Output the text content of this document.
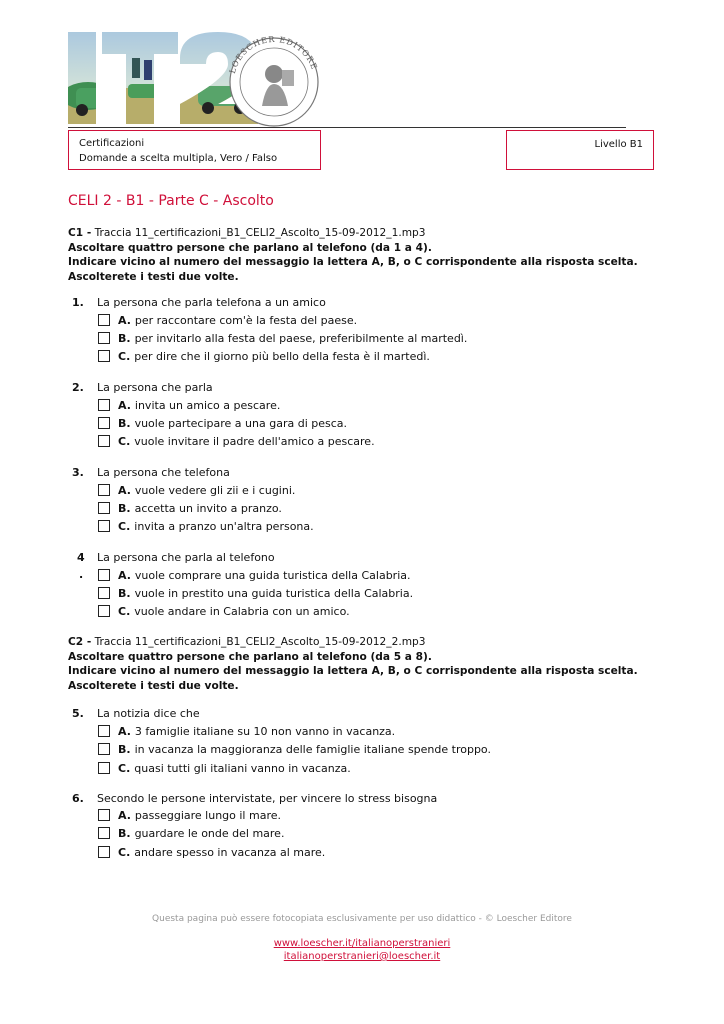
LOESCHER EDITORE
Certificazioni
Domande a scelta multipla, Vero / Falso
Livello B1
CELI 2 - B1 - Parte C - Ascolto
C1 - Traccia 11_certificazioni_B1_CELI2_Ascolto_15-09-2012_1.mp3
Ascoltare quattro persone che parlano al telefono (da 1 a 4).
Indicare vicino al numero del messaggio la lettera A, B, o C corrispondente alla risposta scelta.
Ascolterete i testi due volte.
1.	La persona che parla telefona a un amico
A. per raccontare com'è la festa del paese.
B. per invitarlo alla festa del paese, preferibilmente al martedì.
C. per dire che il giorno più bello della festa è il martedì.
2.	La persona che parla
A. invita un amico a pescare.
B. vuole partecipare a una gara di pesca.
C. vuole invitare il padre dell'amico a pescare.
3.	La persona che telefona
A. vuole vedere gli zii e i cugini.
B. accetta un invito a pranzo.
C. invita a pranzo un'altra persona.
4
.
La persona che parla al telefono
A. vuole comprare una guida turistica della Calabria.
B. vuole in prestito una guida turistica della Calabria.
C. vuole andare in Calabria con un amico.
C2 - Traccia 11_certificazioni_B1_CELI2_Ascolto_15-09-2012_2.mp3
Ascoltare quattro persone che parlano al telefono (da 5 a 8).
Indicare vicino al numero del messaggio la lettera A, B, o C corrispondente alla risposta scelta.
Ascolterete i testi due volte.
5.	La notizia dice che
A. 3 famiglie italiane su 10 non vanno in vacanza.
B. in vacanza la maggioranza delle famiglie italiane spende troppo.
C. quasi tutti gli italiani vanno in vacanza.
6.	Secondo le persone intervistate, per vincere lo stress bisogna
A. passeggiare lungo il mare.
B. guardare le onde del mare.
C. andare spesso in vacanza al mare.
Questa pagina può essere fotocopiata esclusivamente per uso didattico - © Loescher Editore
www.loescher.it/italianoperstranieri
italianoperstranieri@loescher.it
